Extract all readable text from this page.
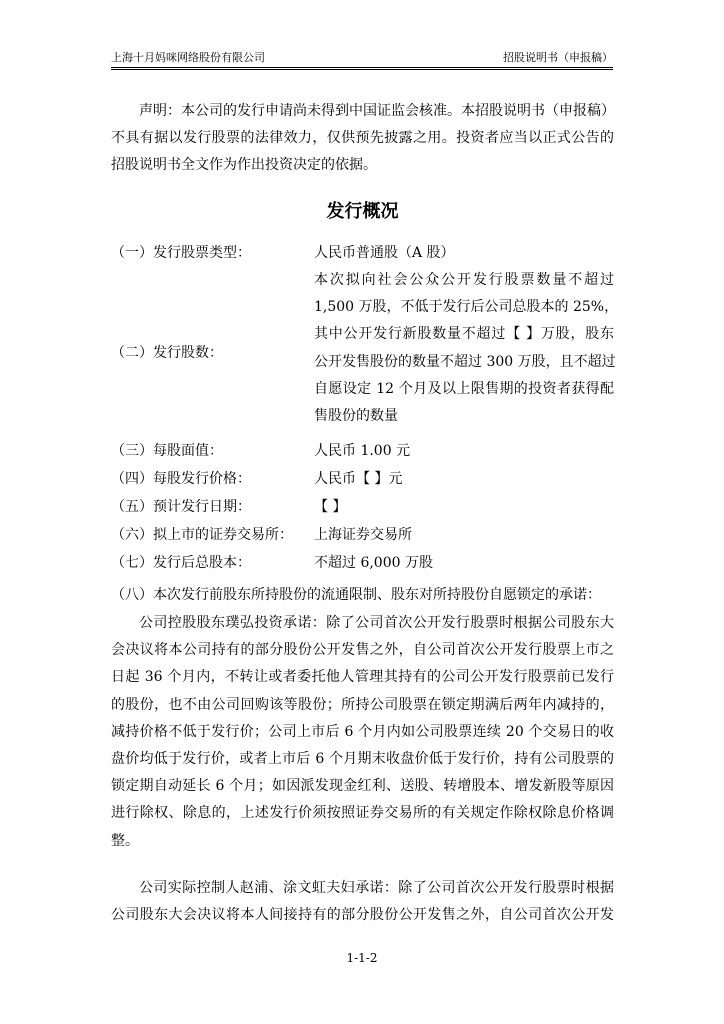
上海十月妈咪网络股份有限公司	招股说明书（申报稿）
声明：本公司的发行申请尚未得到中国证监会核准。本招股说明书（申报稿）
不具有据以发行股票的法律效力，仅供预先披露之用。投资者应当以正式公告的
招股说明书全文作为作出投资决定的依据。
发行概况
（一）发行股票类型：	人民币普通股（A 股）
（二）发行股数：
本次拟向社会公众公开发行股票数量不超过
1,500 万股，不低于发行后公司总股本的 25%，
其中公开发行新股数量不超过【 】万股，股东
公开发售股份的数量不超过 300 万股，且不超过
自愿设定 12 个月及以上限售期的投资者获得配
售股份的数量
（三）每股面值：	人民币 1.00 元
（四）每股发行价格：	人民币【 】元
（五）预计发行日期：	【 】
（六）拟上市的证券交易所： 上海证券交易所
（七）发行后总股本：	不超过 6,000 万股
（八）本次发行前股东所持股份的流通限制、股东对所持股份自愿锁定的承诺：
公司控股股东璞弘投资承诺：除了公司首次公开发行股票时根据公司股东大
会决议将本公司持有的部分股份公开发售之外，自公司首次公开发行股票上市之
日起 36 个月内，不转让或者委托他人管理其持有的公司公开发行股票前已发行
的股份，也不由公司回购该等股份；所持公司股票在锁定期满后两年内减持的，
减持价格不低于发行价；公司上市后 6 个月内如公司股票连续 20 个交易日的收
盘价均低于发行价，或者上市后 6 个月期末收盘价低于发行价，持有公司股票的
锁定期自动延长 6 个月；如因派发现金红利、送股、转增股本、增发新股等原因
进行除权、除息的，上述发行价须按照证券交易所的有关规定作除权除息价格调
整。
公司实际控制人赵浦、涂文虹夫妇承诺：除了公司首次公开发行股票时根据
公司股东大会决议将本人间接持有的部分股份公开发售之外，自公司首次公开发
1-1-2
